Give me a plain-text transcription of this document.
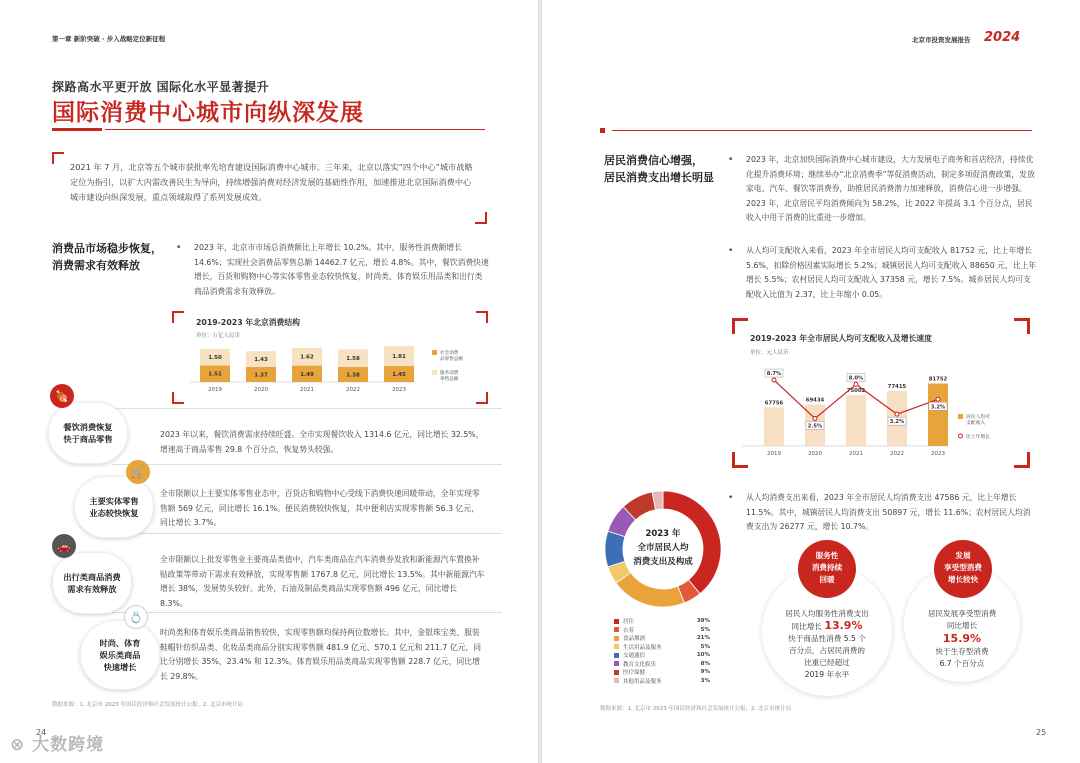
第一章 新阶突破 · 步入战略定位新征程
探路高水平更开放 国际化水平显著提升
国际消费中心城市向纵深发展
2021 年 7 月，北京等五个城市获批率先培育建设国际消费中心城市。三年来，北京以落实“四个中心”城市战略定位为指引，以扩大内需改善民生为导向，持续增强消费对经济发展的基础性作用，加速推进北京国际消费中心城市建设向纵深发展，重点领域取得了系列发展成效。
消费品市场稳步恢复，
消费需求有效释放
• 2023 年，北京市市场总消费额比上年增长 10.2%。其中，服务性消费额增长 14.6%；实现社会消费品零售总额 14462.7 亿元，增长 4.8%。其中，餐饮消费快速增长，百货和购物中心等实体零售业态较快恢复，时尚类、体育娱乐用品类和出行类商品消费需求有效释放。
2019-2023 年北京消费结构
单位：万亿人民币
1.51
1.50
2019
1.37
1.43
2020
1.49
1.62
2021
1.38
1.58
2022
1.45
1.81
2023
社会消费
品零售总额
服务消费
零售总额
餐饮消费恢复
快于商品零售
🍖
2023 年以来，餐饮消费需求持续旺盛。全市实现餐饮收入 1314.6 亿元，同比增长 32.5%，增速高于商品零售 29.8 个百分点，恢复势头较强。
主要实体零售
业态较快恢复
🛒
全市限额以上主要实体零售业态中，百货店和购物中心受线下消费快速回暖带动，全年实现零售额 569 亿元，同比增长 16.1%。便民消费较快恢复，其中便利店实现零售额 56.3 亿元，同比增长 3.7%。
出行类商品消费
需求有效释放
🚗
全市限额以上批发零售业主要商品类值中，汽车类商品在汽车消费券发放和新能源汽车置换补贴政策等带动下需求有效释放，实现零售额 1767.8 亿元，同比增长 13.5%。其中新能源汽车增长 38%，发展势头较好。此外，石油及制品类商品实现零售额 496 亿元，同比增长 8.3%。
时尚、体育
娱乐类商品
快速增长
💍
时尚类和体育娱乐类商品销售较快，实现零售额均保持两位数增长。其中，金银珠宝类、服装鞋帽针纺织品类、化妆品类商品分别实现零售额 481.9 亿元、570.1 亿元和 211.7 亿元，同比分别增长 35%、23.4% 和 12.3%。体育娱乐用品类商品实现零售额 228.7 亿元，同比增长 29.8%。
数据来源：1. 北京市 2023 年国民经济和社会发展统计公报；2. 北京市统计局
24
⊗ 大数跨境
北京市投资发展报告 2024
居民消费信心增强，
居民消费支出增长明显
• 2023 年，北京加快国际消费中心城市建设，大力发展电子商务和首店经济，持续优化提升消费环境；继续举办“北京消费季”等促消费活动，制定多项促消费政策，发放家电、汽车、餐饮等消费券，助推居民消费潜力加速释放，消费信心进一步增强。2023 年，北京居民平均消费倾向为 58.2%，比 2022 年提高 3.1 个百分点，居民收入中用于消费的比重进一步增加。
• 从人均可支配收入来看，2023 年全市居民人均可支配收入 81752 元，比上年增长 5.6%，扣除价格因素实际增长 5.2%；城镇居民人均可支配收入 88650 元，比上年增长 5.5%；农村居民人均可支配收入 37358 元，增长 7.5%。城乡居民人均可支配收入比值为 2.37，比上年缩小 0.05。
2019-2023 年全市居民人均可支配收入及增长速度
单位：元人民币
67756
2019
69434
2020
75002
2021
77415
2022
81752
2023
8.7%
2.5%
8.0%
3.2%
3.2%
居民人均可
支配收入
比上年增长
• 从人均消费支出来看，2023 年全市居民人均消费支出 47586 元，比上年增长 11.5%。其中，城镇居民人均消费支出 50897 元，增长 11.6%；农村居民人均消费支出为 26277 元，增长 10.7%。
2023 年
全市居民人均
消费支出及构成
居住	39%
衣着	5%
食品烟酒	21%
生活用品及服务	5%
交通通信	10%
教育文化娱乐	8%
医疗保健	9%
其他用品及服务	3%
居民人均服务性消费支出
同比增长 13.9%
快于商品性消费 5.5 个
百分点，占居民消费的
比重已经超过
2019 年水平
服务性
消费持续
回暖
居民发展享受型消费
同比增长
15.9%
快于生存型消费
6.7 个百分点
发展
享受型消费
增长较快
数据来源：1. 北京市 2023 年国民经济和社会发展统计公报；2. 北京市统计局
25
